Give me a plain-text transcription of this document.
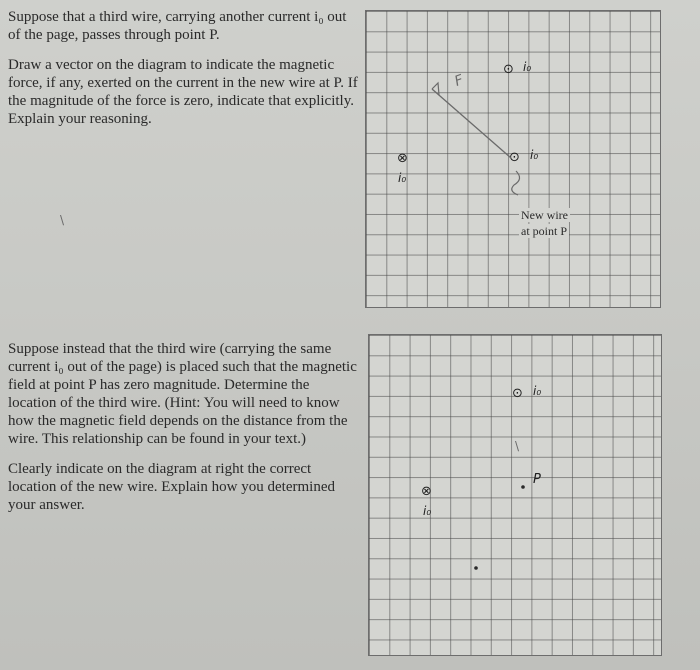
Suppose that a third wire, carrying another current i₀ out of the page, passes through point P.

Draw a vector on the diagram to indicate the magnetic force, if any, exerted on the current in the new wire at P. If the magnitude of the force is zero, indicate that explicitly. Explain your reasoning.

\
⊙ i₀
⊗
i₀
⊙ i₀
New wire
at point P
F

Suppose instead that the third wire (carrying the same current i₀ out of the page) is placed such that the magnetic field at point P has zero magnitude. Determine the location of the third wire. (Hint: You will need to know how the magnetic field depends on the distance from the wire. This relationship can be found in your text.)

Clearly indicate on the diagram at right the correct location of the new wire. Explain how you determined your answer.

⊙ i₀
⊗
i₀
P
\
